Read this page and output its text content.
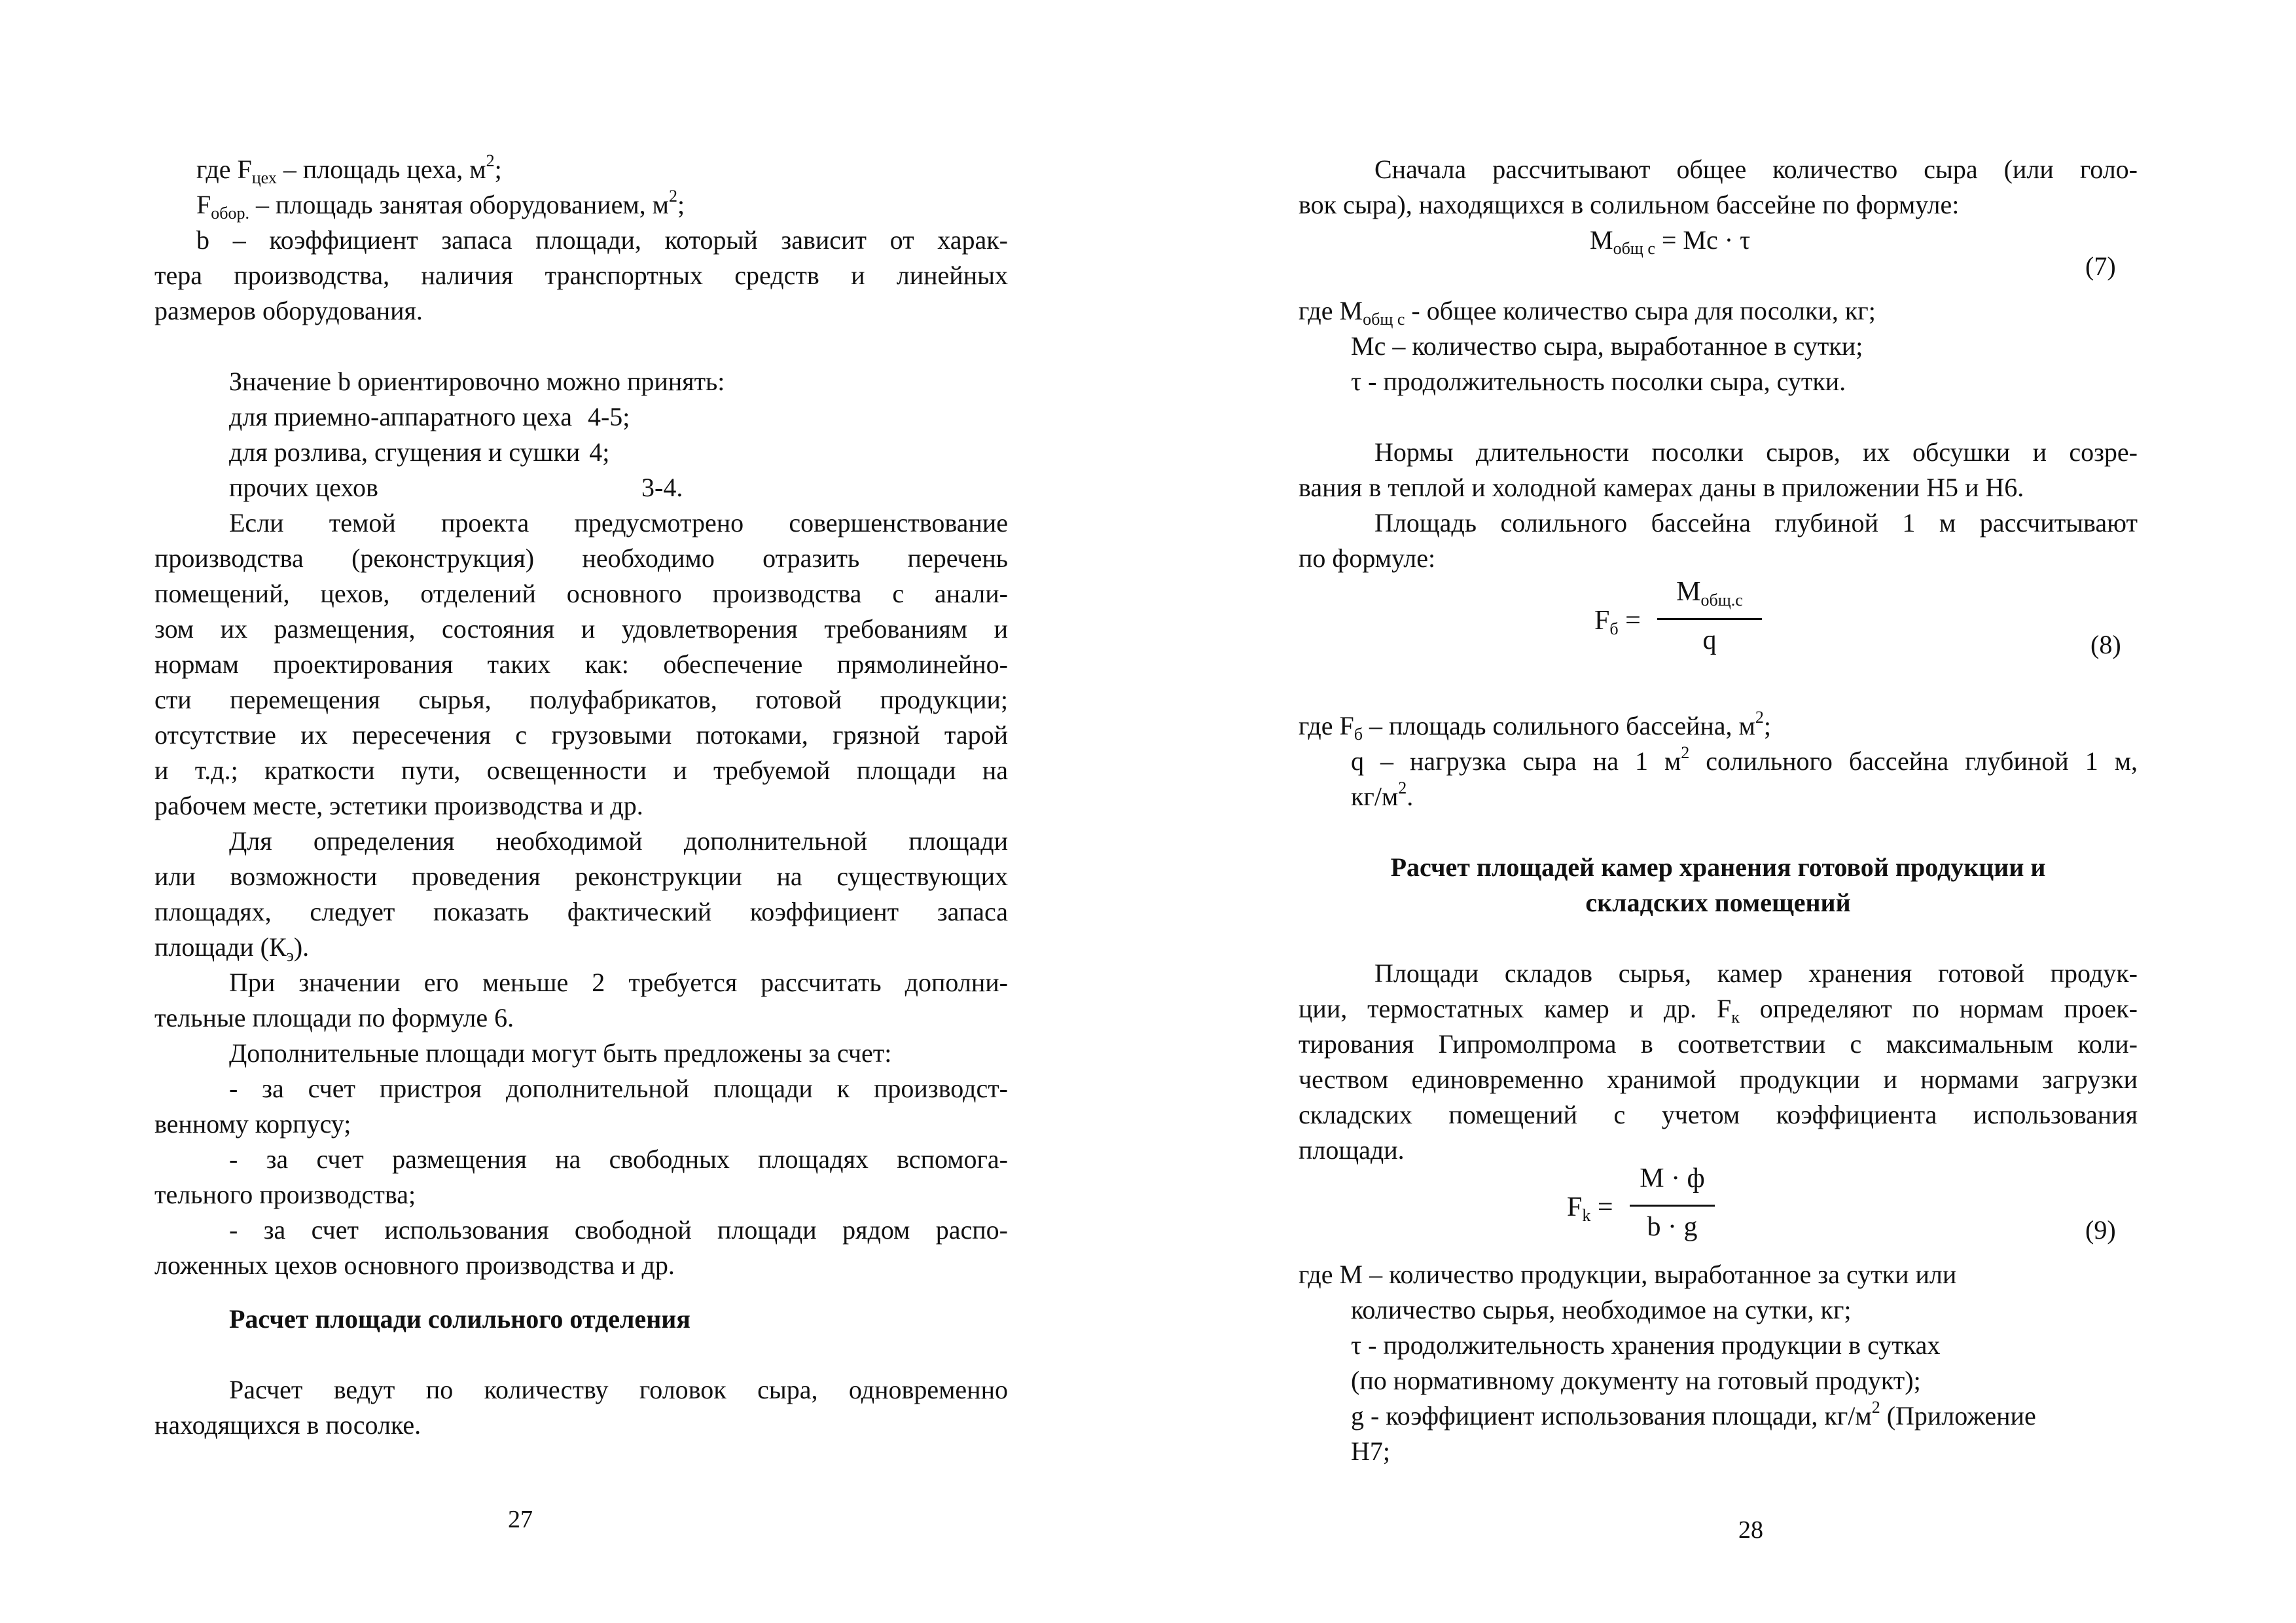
где $F_{цех}$ – площадь цеха, $м^2$;

$F_{обор.}$ – площадь занятая оборудованием, $м^2$;

b – коэффициент запаса площади, который зависит от харак-

тера производства, наличия транспортных средств и линейных

размеров оборудования.

Значение b ориентировочно можно принять:

для приемно-аппаратного цеха 4-5;

для розлива, сгущения и сушки 4;

прочих цехов	3-4.

Если темой проекта предусмотрено совершенствование

производства (реконструкция) необходимо отразить перечень

помещений, цехов, отделений основного производства с анали-

зом их размещения, состояния и удовлетворения требованиям и

нормам проектирования таких как: обеспечение прямолинейно-

сти перемещения сырья, полуфабрикатов, готовой продукции;

отсутствие их пересечения с грузовыми потоками, грязной тарой

и т.д.; краткости пути, освещенности и требуемой площади на

рабочем месте, эстетики производства и др.

Для определения необходимой дополнительной площади

или возможности проведения реконструкции на существующих

площадях, следует показать фактический коэффициент запаса

площади $(К_э)$.

При значении его меньше 2 требуется рассчитать дополни-

тельные площади по формуле 6.

Дополнительные площади могут быть предложены за счет:

- за счет пристроя дополнительной площади к производст-

венному корпусу;

- за счет размещения на свободных площадях вспомога-

тельного производства;

- за счет использования свободной площади рядом распо-

ложенных цехов основного производства и др.

Расчет площади солильного отделения

Расчет ведут по количеству головок сыра, одновременно

находящихся в посолке.

27

Сначала рассчитывают общее количество сыра (или голо-

вок сыра), находящихся в солильном бассейне по формуле:

$М_{общ с}$ = Мс · τ

(7)

где $М_{общ с}$ - общее количество сыра для посолки, кг;

Мс – количество сыра, выработанное в сутки;

τ - продолжительность посолки сыра, сутки.

Нормы длительности посолки сыров, их обсушки и созре-

вания в теплой и холодной камерах даны в приложении Н5 и Н6.

Площадь солильного бассейна глубиной 1 м рассчитывают

по формуле:

$F_б$ =
$М_{общ.с}$
q	(8)

где $F_б$ – площадь солильного бассейна, $м^2$;

q – нагрузка сыра на 1 $м^2$ солильного бассейна глубиной 1 м,

$кг/м^2$.

Расчет площадей камер хранения готовой продукции и

складских помещений

Площади складов сырья, камер хранения готовой продук-

ции, термостатных камер и др. $F_к$ определяют по нормам проек-

тирования Гипромолпрома в соответствии с максимальным коли-

чеством единовременно хранимой продукции и нормами загрузки

складских помещений с учетом коэффициента использования

площади.

$F_k$ =
М · ф
b · g	(9)

где М – количество продукции, выработанное за сутки или

количество сырья, необходимое на сутки, кг;

τ - продолжительность хранения продукции в сутках

(по нормативному документу на готовый продукт);

g - коэффициент использования площади, $кг/м^2$ (Приложение

Н7;

28
